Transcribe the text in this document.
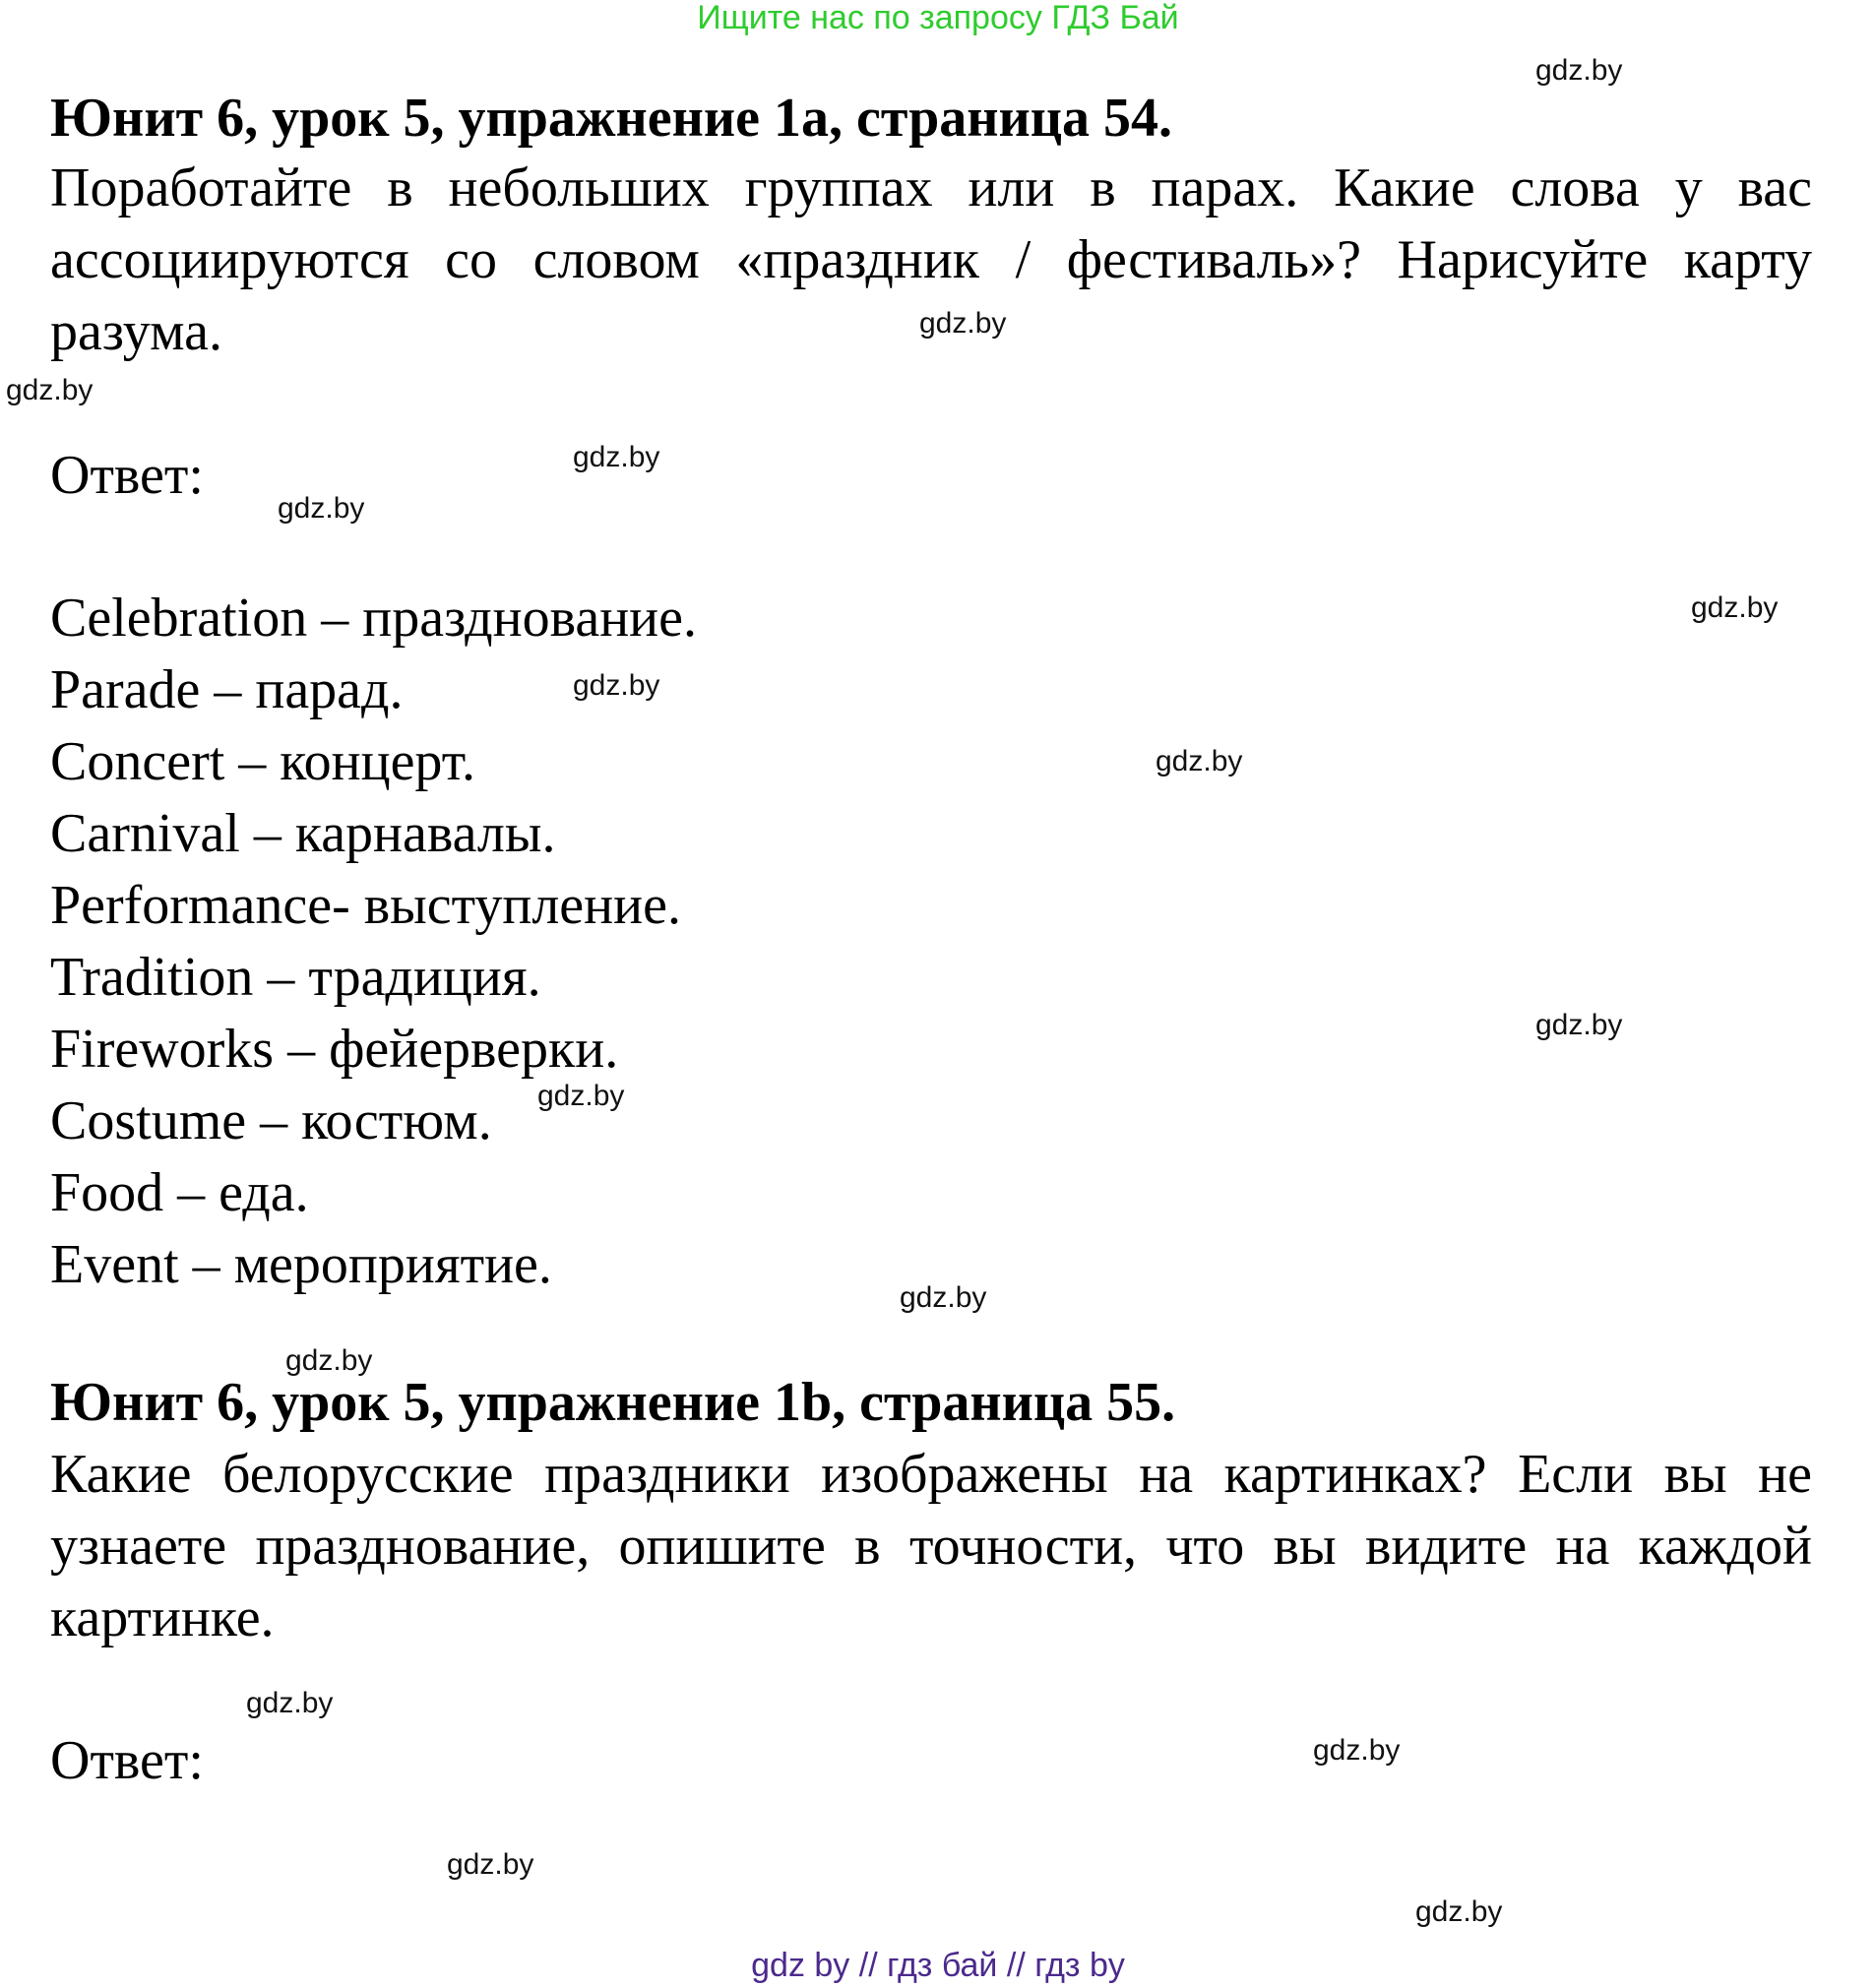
Ищите нас по запросу ГДЗ Бай
Юнит 6, урок 5, упражнение 1а, страница 54.
Поработайте в небольших группах или в парах. Какие слова у вас ассоциируются со словом «праздник / фестиваль»? Нарисуйте карту разума.
Ответ:
Celebration – празднование.
Parade – парад.
Concert – концерт.
Carnival – карнавалы.
Performance- выступление.
Tradition – традиция.
Fireworks – фейерверки.
Costume – костюм.
Food – еда.
Event – мероприятие.
Юнит 6, урок 5, упражнение 1b, страница 55.
Какие белорусские праздники изображены на картинках? Если вы не узнаете празднование, опишите в точности, что вы видите на каждой картинке.
Ответ:
gdz.by
gdz.by
gdz.by
gdz.by
gdz.by
gdz.by
gdz.by
gdz.by
gdz.by
gdz.by
gdz.by
gdz.by
gdz.by
gdz.by
gdz.by
gdz.by
gdz by // гдз бай // гдз by
